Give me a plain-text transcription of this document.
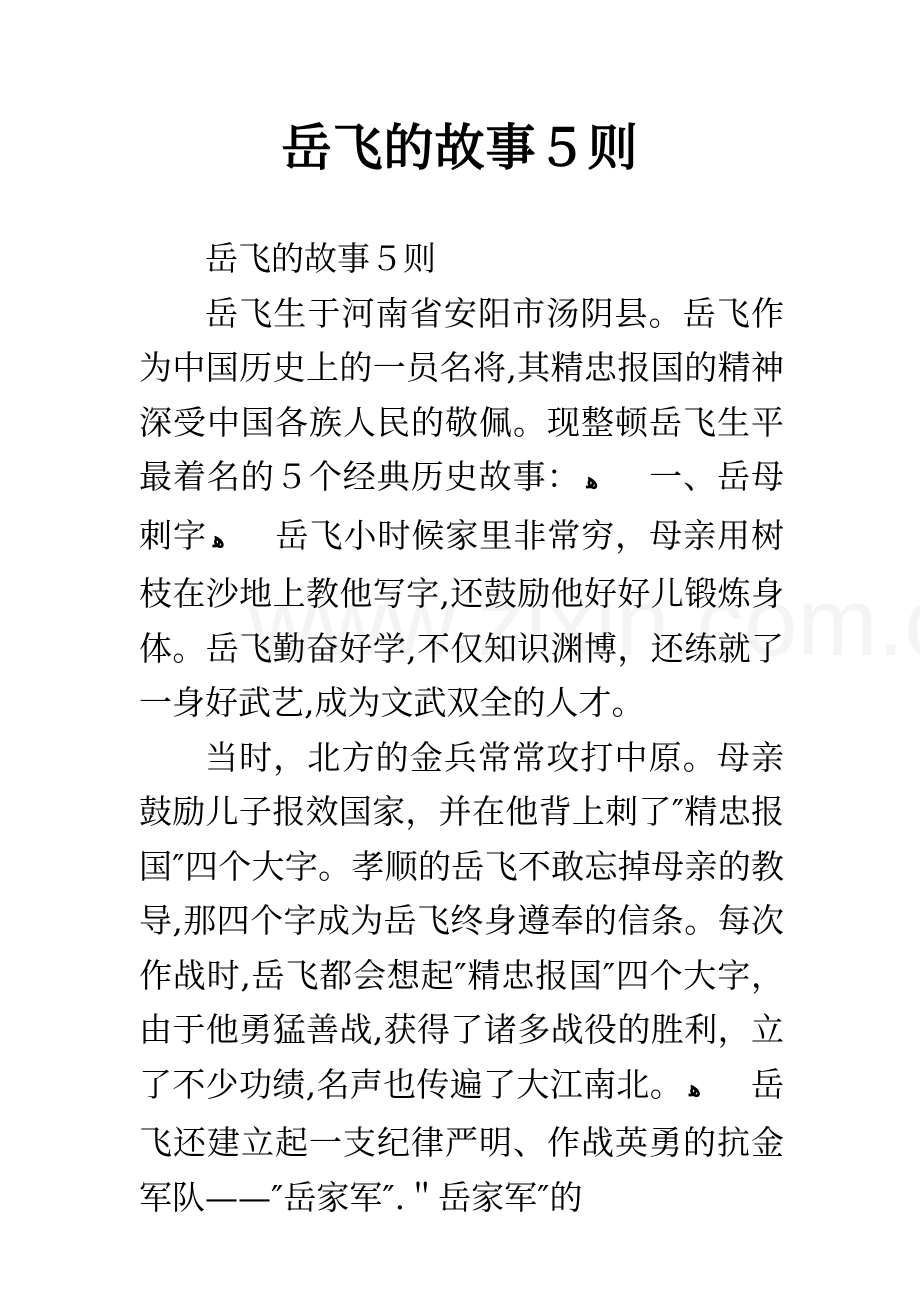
岳飞的故事５则

岳飞的故事５则

岳飞生于河南省安阳市汤阴县。岳飞作为中国历史上的一员名将,其精忠报国的精神深受中国各族人民的敬佩。现整顿岳飞生平最着名的５个经典历史故事： ﻫ 一、岳母刺字 ﻫ 岳飞小时候家里非常穷，母亲用树枝在沙地上教他写字,还鼓励他好好儿锻炼身体。岳飞勤奋好学,不仅知识渊博，还练就了一身好武艺,成为文武双全的人才。

当时，北方的金兵常常攻打中原。母亲鼓励儿子报效国家，并在他背上刺了″精忠报国″四个大字。孝顺的岳飞不敢忘掉母亲的教导,那四个字成为岳飞终身遵奉的信条。每次作战时,岳飞都会想起″精忠报国″四个大字，由于他勇猛善战,获得了诸多战役的胜利，立了不少功绩,名声也传遍了大江南北。 ﻫ 岳飞还建立起一支纪律严明、作战英勇的抗金军队——″岳家军″.＂岳家军″的
